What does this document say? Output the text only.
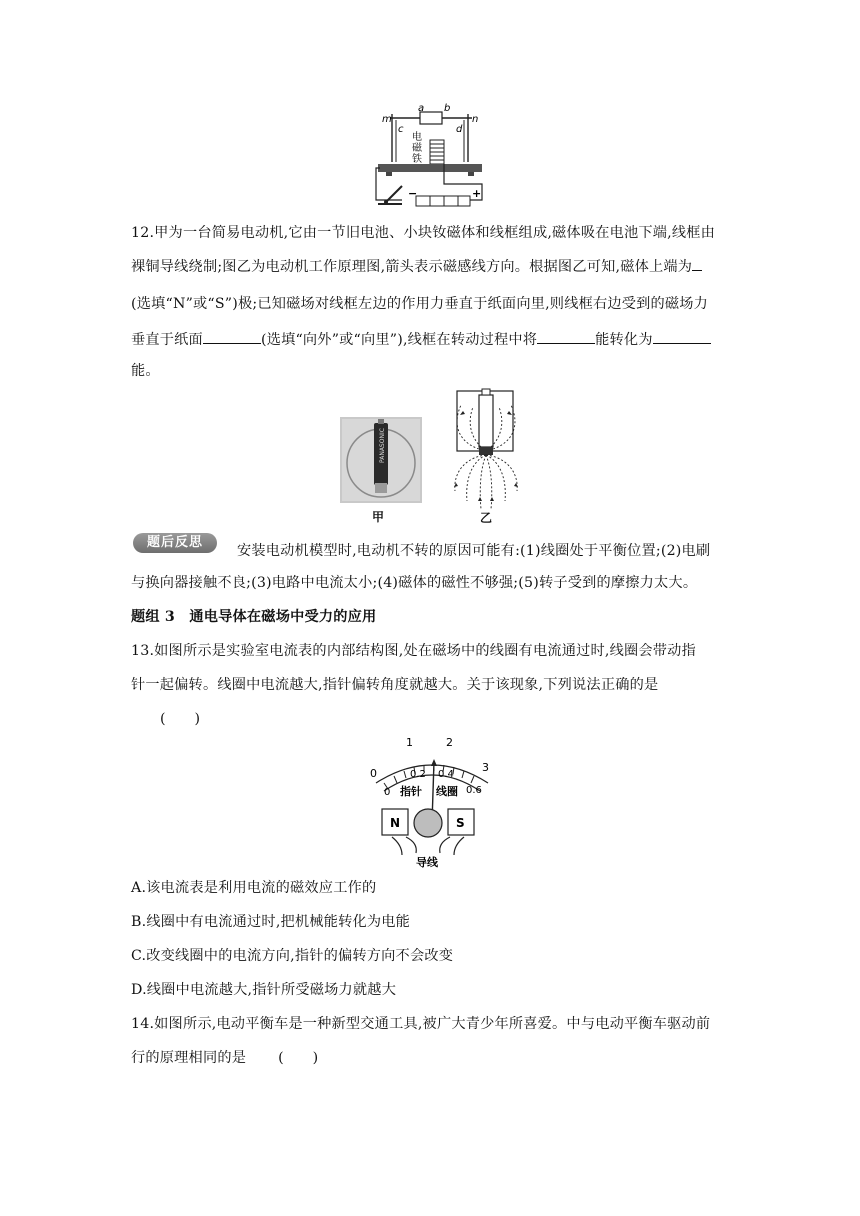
m
a b
n
c	d
电
磁
铁
−	+
12.甲为一台简易电动机,它由一节旧电池、小块钕磁体和线框组成,磁体吸在电池下端,线框由
裸铜导线绕制;图乙为电动机工作原理图,箭头表示磁感线方向。根据图乙可知,磁体上端为
(选填“N”或“S”)极;已知磁场对线框左边的作用力垂直于纸面向里,则线框右边受到的磁场力
垂直于纸面	(选填“向外”或“向里”),线框在转动过程中将	能转化为
能。
PANASONIC
甲	乙
题后反思
安装电动机模型时,电动机不转的原因可能有:(1)线圈处于平衡位置;(2)电刷
与换向器接触不良;(3)电路中电流太小;(4)磁体的磁性不够强;(5)转子受到的摩擦力太大。
题组 3　通电导体在磁场中受力的应用
13.如图所示是实验室电流表的内部结构图,处在磁场中的线圈有电流通过时,线圈会带动指
针一起偏转。线圈中电流越大,指针偏转角度就越大。关于该现象,下列说法正确的是
(　　)
0
1	2
3
0
0.2 0.4
0.6
指针 线圈
N	S
导线
A.该电流表是利用电流的磁效应工作的
B.线圈中有电流通过时,把机械能转化为电能
C.改变线圈中的电流方向,指针的偏转方向不会改变
D.线圈中电流越大,指针所受磁场力就越大
14.如图所示,电动平衡车是一种新型交通工具,被广大青少年所喜爱。中与电动平衡车驱动前
行的原理相同的是 (　　)
